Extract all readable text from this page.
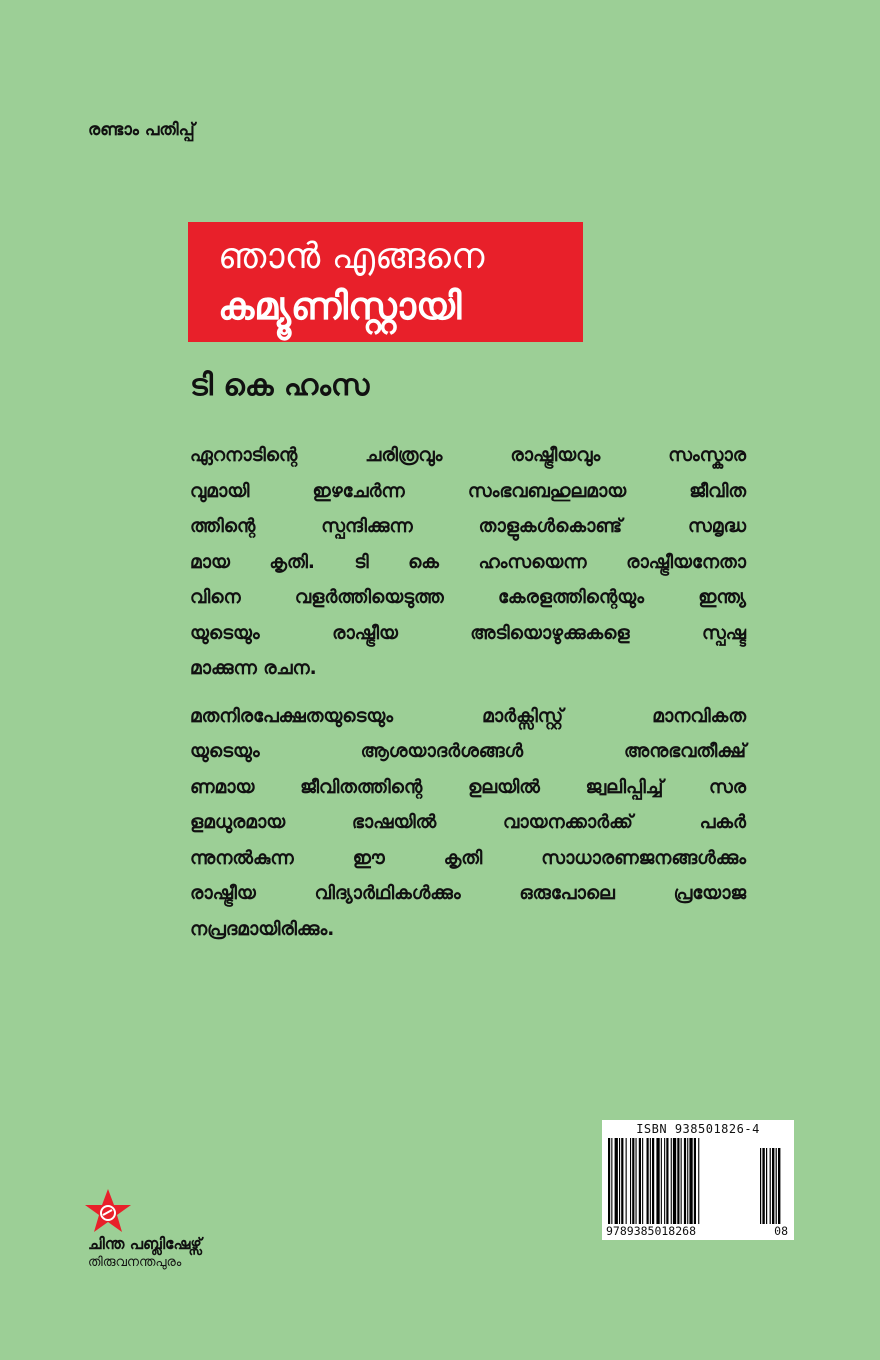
രണ്ടാം പതിപ്പ്
ഞാൻ എങ്ങനെ
കമ്യൂണിസ്റ്റായി
ടി കെ ഹംസ

ഏറനാടിന്റെ ചരിത്രവും രാഷ്ട്രീയവും സംസ്കാര
വുമായി ഇഴചേർന്ന സംഭവബഹുലമായ ജീവിത
ത്തിന്റെ സ്പന്ദിക്കുന്ന താളുകൾകൊണ്ട് സമൃദ്ധ
മായ കൃതി. ടി കെ ഹംസയെന്ന രാഷ്ട്രീയനേതാ
വിനെ വളർത്തിയെടുത്ത കേരളത്തിന്റെയും ഇന്ത്യ
യുടെയും രാഷ്ട്രീയ അടിയൊഴുക്കുകളെ സ്പഷ്ട
മാക്കുന്ന രചന.

മതനിരപേക്ഷതയുടെയും മാർക്സിസ്റ്റ് മാനവികത
യുടെയും ആശയാദർശങ്ങൾ അനുഭവതീക്ഷ്
ണമായ ജീവിതത്തിന്റെ ഉലയിൽ ജ്വലിപ്പിച്ച് സര
ളമധുരമായ ഭാഷയിൽ വായനക്കാർക്ക് പകർ
ന്നുനൽകുന്ന ഈ കൃതി സാധാരണജനങ്ങൾക്കും
രാഷ്ട്രീയ വിദ്യാർഥികൾക്കും ഒരുപോലെ പ്രയോജ
നപ്രദമായിരിക്കും.

ISBN 938501826-4
9789385018268	08
ചിന്ത പബ്ലിഷേഴ്സ്
തിരുവനന്തപുരം
